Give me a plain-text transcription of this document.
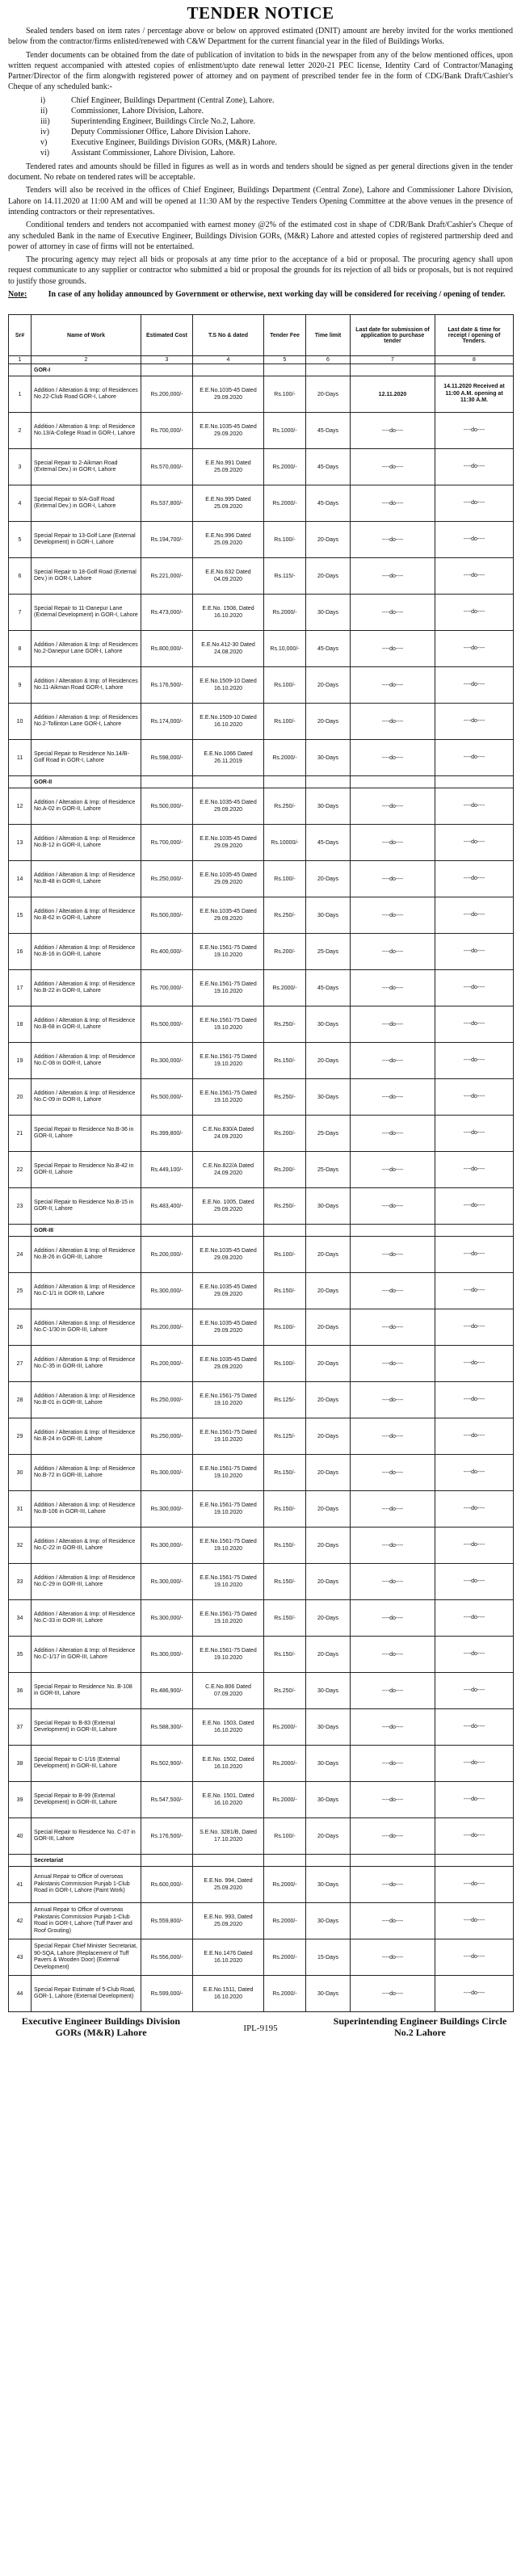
TENDER NOTICE

Sealed tenders based on item rates / percentage above or below on approved estimated (DNIT) amount are hereby invited for the works mentioned below from the contractor/firms enlisted/renewed with C&W Department for the current financial year in the filed of Buildings Works.

Tender documents can be obtained from the date of publication of invitation to bids in the newspaper from any of the below mentioned offices, upon written request accompanied with attested copies of enlistment/upto date renewal letter 2020-21 PEC license, Identity Card of Contractor/Managing Partner/Director of the firm alongwith registered power of attorney and on payment of prescribed tender fee in the form of CDG/Bank Draft/Cashier's Cheque of any scheduled bank:-

i)	Chief Engineer, Buildings Department (Central Zone), Lahore.
ii)	Commissioner, Lahore Division, Lahore.
iii)	Superintending Engineer, Buildings Circle No.2, Lahore.
iv)	Deputy Commissioner Office, Lahore Division Lahore.
v)	Executive Engineer, Buildings Division GORs, (M&R) Lahore.
vi)	Assistant Commissioner, Lahore Division, Lahore.

Tendered rates and amounts should be filled in figures as well as in words and tenders should be signed as per general directions given in the tender document. No rebate on tendered rates will be acceptable.

Tenders will also be received in the offices of Chief Engineer, Buildings Department (Central Zone), Lahore and Commissioner Lahore Division, Lahore on 14.11.2020 at 11:00 AM and will be opened at 11:30 AM by the respective Tenders Opening Committee at the above venues in the presence of intending contractors or their representatives.

Conditional tenders and tenders not accompanied with earnest money @2% of the estimated cost in shape of CDR/Bank Draft/Cashier's Cheque of any scheduled Bank in the name of Executive Engineer, Buildings Division GORs, (M&R) Lahore and attested copies of registered partnership deed and power of attorney in case of firms will not be entertained.

The procuring agency may reject all bids or proposals at any time prior to the acceptance of a bid or proposal. The procuring agency shall upon request communicate to any supplier or contractor who submitted a bid or proposal the grounds for its rejection of all bids or proposals, but is not required to justify those grounds.

Note:	In case of any holiday announced by Government or otherwise, next working day will be considered for receiving / opening of tender.
Sr#	Name of Work	Estimated Cost	T.S No & dated	Tender Fee	Time limit	Last date for submission of application to purchase tender	Last date & time for receipt / opening of Tenders.
1	2	3	4	5	6	7	8
	GOR-I						
1	Addition / Alteration & Imp: of Residences No.22-Club Road GOR-I, Lahore	Rs.200,000/-	E.E.No.1035-45 Dated 29.09.2020	Rs.100/-	20-Days	12.11.2020	14.11.2020 Received at 11:00 A.M. opening at 11:30 A.M.
2	Addition / Alteration & Imp: of Residence No.13/A-College Road in GOR-I, Lahore	Rs.700,000/-	E.E.No.1035-45 Dated 29.09.2020	Rs.1000/-	45-Days	----do----	----do----
3	Special Repair to 2-Aikman Road (External Dev.) in GOR-I, Lahore	Rs.570,000/-	E.E.No.991 Dated 25.09.2020	Rs.2000/-	45-Days	----do----	----do----
4	Special Repair to 9/A-Golf Road (External Dev.) in GOR-I, Lahore	Rs.537,800/-	E.E.No.995 Dated 25.09.2020	Rs.2000/-	45-Days	----do----	----do----
5	Special Repair to 13-Golf Lane (External Development) in GOR-I, Lahore	Rs.194,700/-	E.E.No.996 Dated 25.09.2020	Rs.100/-	20-Days	----do----	----do----
6	Special Repair to 18-Golf Road (External Dev.) in GOR-I, Lahore	Rs.221,000/-	E.E.No.632 Dated 04.09.2020	Rs.115/-	20-Days	----do----	----do----
7	Special Repair to 11-Danepur Lane (External Development) in GOR-I, Lahore	Rs.473,000/-	E.E.No. 1508, Dated 16.10.2020	Rs.2000/-	30-Days	----do----	----do----
8	Addition / Alteration & Imp: of Residences No.2-Danepur Lane GOR-I, Lahore	Rs.800,000/-	E.E.No.412-30 Dated 24.08.2020	Rs.10,000/-	45-Days	----do----	----do----
9	Addition / Alteration & Imp: of Residences No.11-Aikman Road GOR-I, Lahore	Rs.176,500/-	E.E.No.1509-10 Dated 16.10.2020	Rs.100/-	20-Days	----do----	----do----
10	Addition / Alteration & Imp: of Residences No.2-Tollinton Lane GOR-I, Lahore	Rs.174,000/-	E.E.No.1509-10 Dated 16.10.2020	Rs.100/-	20-Days	----do----	----do----
11	Special Repair to Residence No.14/B-Golf Road in GOR-I, Lahore	Rs.598,000/-	E.E.No.1066 Dated 26.11.2019	Rs.2000/-	30-Days	----do----	----do----
	GOR-II						
12	Addition / Alteration & Imp: of Residence No.A-02 in GOR-II, Lahore	Rs.500,000/-	E.E.No.1035-45 Dated 29.09.2020	Rs.250/-	30-Days	----do----	----do----
13	Addition / Alteration & Imp: of Residence No.B-12 in GOR-II, Lahore	Rs.700,000/-	E.E.No.1035-45 Dated 29.09.2020	Rs.10000/-	45-Days	----do----	----do----
14	Addition / Alteration & Imp: of Residence No.B-48 in GOR-II, Lahore	Rs.250,000/-	E.E.No.1035-45 Dated 29.09.2020	Rs.100/-	20-Days	----do----	----do----
15	Addition / Alteration & Imp: of Residence No.B-62 in GOR-II, Lahore	Rs.500,000/-	E.E.No.1035-45 Dated 29.09.2020	Rs.250/-	30-Days	----do----	----do----
16	Addition / Alteration & Imp: of Residence No.B-16 in GOR-II, Lahore	Rs.400,000/-	E.E.No.1561-75 Dated 19.10.2020	Rs.200/-	25-Days	----do----	----do----
17	Addition / Alteration & Imp: of Residence No.B-22 in GOR-II, Lahore	Rs.700,000/-	E.E.No.1561-75 Dated 19.10.2020	Rs.2000/-	45-Days	----do----	----do----
18	Addition / Alteration & Imp: of Residence No.B-68 in GOR-II, Lahore	Rs.500,000/-	E.E.No.1561-75 Dated 19.10.2020	Rs.250/-	30-Days	----do----	----do----
19	Addition / Alteration & Imp: of Residence No.C-08 in GOR-II, Lahore	Rs.300,000/-	E.E.No.1561-75 Dated 19.10.2020	Rs.150/-	20-Days	----do----	----do----
20	Addition / Alteration & Imp: of Residence No.C-09 in GOR-II, Lahore	Rs.500,000/-	E.E.No.1561-75 Dated 19.10.2020	Rs.250/-	30-Days	----do----	----do----
21	Special Repair to Residence No.B-36 in GOR-II, Lahore	Rs.399,800/-	C.E.No.830/A Dated 24.09.2020	Rs.200/-	25-Days	----do----	----do----
22	Special Repair to Residence No.B-42 in GOR-II, Lahore	Rs.449,100/-	C.E.No.822/A Dated 24.09.2020	Rs.200/-	25-Days	----do----	----do----
23	Special Repair to Residence No.B-15 in GOR-II, Lahore	Rs.483,400/-	E.E.No. 1005, Dated 29.09.2020	Rs.250/-	30-Days	----do----	----do----
	GOR-III						
24	Addition / Alteration & Imp: of Residence No.B-26 in GOR-III, Lahore	Rs.200,000/-	E.E.No.1035-45 Dated 29.09.2020	Rs.100/-	20-Days	----do----	----do----
25	Addition / Alteration & Imp: of Residence No.C-1/1 in GOR-III, Lahore	Rs.300,000/-	E.E.No.1035-45 Dated 29.09.2020	Rs.150/-	20-Days	----do----	----do----
26	Addition / Alteration & Imp: of Residence No.C-1/30 in GOR-III, Lahore	Rs.200,000/-	E.E.No.1035-45 Dated 29.09.2020	Rs.100/-	20-Days	----do----	----do----
27	Addition / Alteration & Imp: of Residence No.C-35 in GOR-III, Lahore	Rs.200,000/-	E.E.No.1035-45 Dated 29.09.2020	Rs.100/-	20-Days	----do----	----do----
28	Addition / Alteration & Imp: of Residence No.B-01 in GOR-III, Lahore	Rs.250,000/-	E.E.No.1561-75 Dated 19.10.2020	Rs.125/-	20-Days	----do----	----do----
29	Addition / Alteration & Imp: of Residence No.B-24 in GOR-III, Lahore	Rs.250,000/-	E.E.No.1561-75 Dated 19.10.2020	Rs.125/-	20-Days	----do----	----do----
30	Addition / Alteration & Imp: of Residence No.B-72 in GOR-III, Lahore	Rs.300,000/-	E.E.No.1561-75 Dated 19.10.2020	Rs.150/-	20-Days	----do----	----do----
31	Addition / Alteration & Imp: of Residence No.B-106 in GOR-III, Lahore	Rs.300,000/-	E.E.No.1561-75 Dated 19.10.2020	Rs.150/-	20-Days	----do----	----do----
32	Addition / Alteration & Imp: of Residence No.C-22 in GOR-III, Lahore	Rs.300,000/-	E.E.No.1561-75 Dated 19.10.2020	Rs.150/-	20-Days	----do----	----do----
33	Addition / Alteration & Imp: of Residence No.C-29 in GOR-III, Lahore	Rs.300,000/-	E.E.No.1561-75 Dated 19.10.2020	Rs.150/-	20-Days	----do----	----do----
34	Addition / Alteration & Imp: of Residence No.C-33 in GOR-III, Lahore	Rs.300,000/-	E.E.No.1561-75 Dated 19.10.2020	Rs.150/-	20-Days	----do----	----do----
35	Addition / Alteration & Imp: of Residence No.C-1/17 in GOR-III, Lahore	Rs.300,000/-	E.E.No.1561-75 Dated 19.10.2020	Rs.150/-	20-Days	----do----	----do----
36	Special Repair to Residence No. B-108 in GOR-III, Lahore	Rs.486,900/-	C.E.No.806 Dated 07.09.2020	Rs.250/-	30-Days	----do----	----do----
37	Special Repair to B-83 (External Development) in GOR-III, Lahore	Rs.588,300/-	E.E.No. 1503, Dated 16.10.2020	Rs.2000/-	30-Days	----do----	----do----
38	Special Repair to C-1/16 (External Development) in GOR-III, Lahore	Rs.502,900/-	E.E.No. 1502, Dated 16.10.2020	Rs.2000/-	30-Days	----do----	----do----
39	Special Repair to B-99 (External Development) in GOR-III, Lahore	Rs.547,500/-	E.E.No. 1501, Dated 16.10.2020	Rs.2000/-	30-Days	----do----	----do----
40	Special Repair to Residence No. C-07 in GOR-III, Lahore	Rs.176,500/-	S.E.No. 3281/B, Dated 17.10.2020	Rs.100/-	20-Days	----do----	----do----
	Secretariat						
41	Annual Repair to Office of overseas Pakistanis Commission Punjab 1-Club Road in GOR-I, Lahore (Paint Work)	Rs.600,000/-	E.E.No. 994, Dated 25.09.2020	Rs.2000/-	30-Days	----do----	----do----
42	Annual Repair to Office of overseas Pakistanis Commission Punjab 1-Club Road in GOR-I, Lahore (Tuff Paver and Roof Grouting)	Rs.559,800/-	E.E.No. 993, Dated 25.09.2020	Rs.2000/-	30-Days	----do----	----do----
43	Special Repair Chief Minister Secretariat, 90-SQA, Lahore (Replacement of Tuff Pavers & Wooden Door) (External Development)	Rs.556,000/-	E.E.No.1476 Dated 16.10.2020	Rs.2000/-	15-Days	----do----	----do----
44	Special Repair Estimate of 5-Club Road, GOR-1, Lahore (External Development)	Rs.599,000/-	E.E.No.1511, Dated 16.10.2020	Rs.2000/-	30-Days	----do----	----do----
Executive Engineer Buildings Division GORs (M&R) Lahore	IPL-9195
Superintending Engineer Buildings Circle No.2 Lahore
